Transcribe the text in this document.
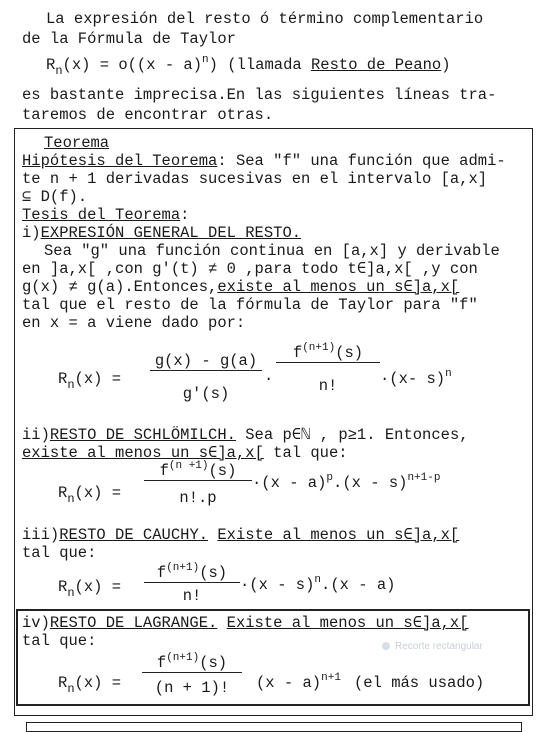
La expresión del resto ó término complementario
de la Fórmula de Taylor
$R_n(x) = o((x - a)^n)$ (llamada Resto de Peano)
es bastante imprecisa.En las siguientes líneas tra-
taremos de encontrar otras.
Teorema
Hipótesis del Teorema: Sea "f" una función que admi-
te n + 1 derivadas sucesivas en el intervalo [a,x]
⊆ D(f).
Tesis del Teorema:
i)EXPRESIÓN GENERAL DEL RESTO.
Sea "g" una función continua en [a,x] y derivable
en ]a,x[ ,con g'(t) ≠ 0 ,para todo t∈]a,x[ ,y con
g(x) ≠ g(a).Entonces,existe al menos un s∈]a,x[
tal que el resto de la fórmula de Taylor para "f"
en x = a viene dado por:
$R_n(x)$ =
g(x) - g(a)
g'(s)
·
$f^{(n+1)}(s)$
n!	·(x- s)$^n$
ii)RESTO DE SCHLÖMILCH. Sea p∈ℕ , p≥1. Entonces,
existe al menos un s∈]a,x[ tal que:
$R_n(x)$ =
$f^{(n +1)}(s)$
n!.p
·(x - a)$^p$.(x - s)$^{n+1-p}$
iii)RESTO DE CAUCHY. Existe al menos un s∈]a,x[
tal que:
$R_n(x)$ =
$f^{(n+1)}(s)$
n!
·(x - s)$^n$.(x - a)
iv)RESTO DE LAGRANGE. Existe al menos un s∈]a,x[
tal que:
$R_n(x)$ =
$f^{(n+1)}(s)$
(n + 1)!	(x - a)$^{n+1}$ (el más usado)
Recorte rectangular
